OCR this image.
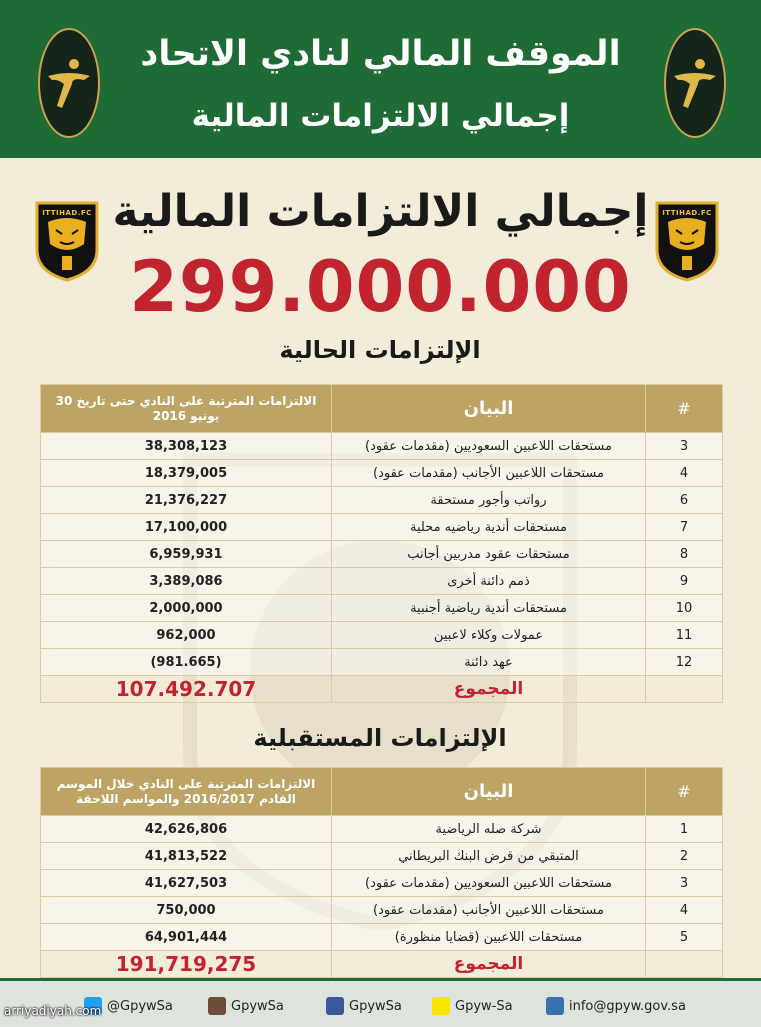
الموقف المالي لنادي الاتحاد
إجمالي الالتزامات المالية
ITTIHAD.FC	ITTIHAD.FC
إجمالي الالتزامات المالية
299.000.000
الإلتزامات الحالية
الالتزامات المترتبة على النادي حتى تاريخ 30 يونيو 2016	البيان	#
38,308,123	مستحقات اللاعبين السعوديين (مقدمات عقود)	3
18,379,005	مستحقات اللاعبين الأجانب (مقدمات عقود)	4
21,376,227	رواتب وأجور مستحقة	6
17,100,000	مستحقات أندية رياضيه محلية	7
6,959,931	مستحقات عقود مدربين أجانب	8
3,389,086	ذمم دائنة أخرى	9
2,000,000	مستحقات أندية رياضية أجنبية	10
962,000	عمولات وكلاء لاعبين	11
(981.665)	عهد دائنة	12
107.492.707	المجموع	
الإلتزامات المستقبلية
الالتزامات المترتبة على النادي خلال الموسم القادم 2016/2017 والمواسم اللاحقة	البيان	#
42,626,806	شركة صله الرياضية	1
41,813,522	المتبقي من قرض البنك البريطاني	2
41,627,503	مستحقات اللاعبين السعوديين (مقدمات عقود)	3
750,000	مستحقات اللاعبين الأجانب (مقدمات عقود)	4
64,901,444	مستحقات اللاعبين (قضايا منظورة)	5
191,719,275	المجموع	
@GpywSa	GpywSa	GpywSa	Gpyw-Sa	info@gpyw.gov.sa
arriyadiyah.com
